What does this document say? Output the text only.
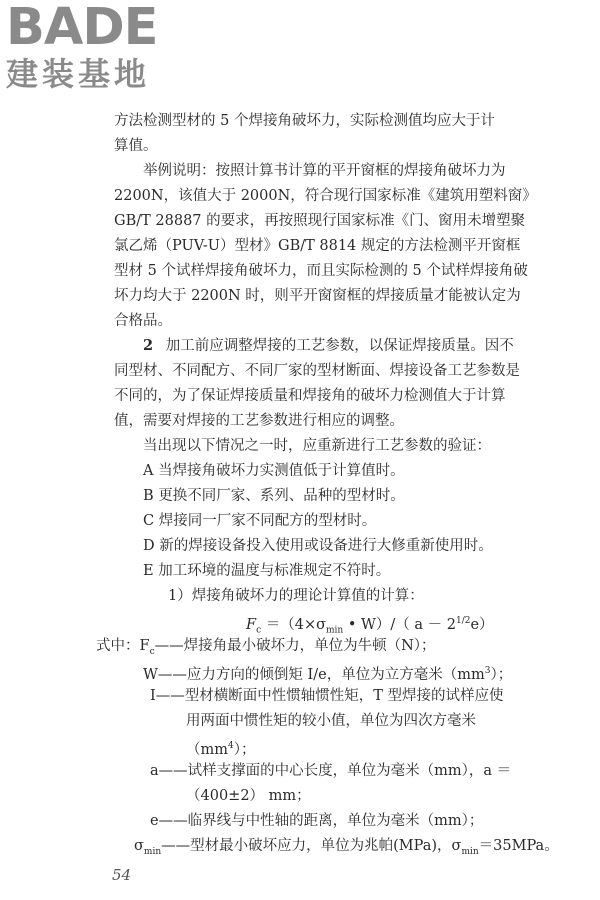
BADE
建装基地
方法检测型材的 5 个焊接角破坏力，实际检测值均应大于计
算值。
举例说明：按照计算书计算的平开窗框的焊接角破坏力为
2200N，该值大于 2000N，符合现行国家标准《建筑用塑料窗》
GB/T 28887 的要求，再按照现行国家标准《门、窗用未增塑聚
氯乙烯（PUV-U）型材》GB/T 8814 规定的方法检测平开窗框
型材 5 个试样焊接角破坏力，而且实际检测的 5 个试样焊接角破
坏力均大于 2200N 时，则平开窗窗框的焊接质量才能被认定为
合格品。
2 加工前应调整焊接的工艺参数，以保证焊接质量。因不
同型材、不同配方、不同厂家的型材断面、焊接设备工艺参数是
不同的，为了保证焊接质量和焊接角的破坏力检测值大于计算
值，需要对焊接的工艺参数进行相应的调整。
当出现以下情况之一时，应重新进行工艺参数的验证：
A 当焊接角破坏力实测值低于计算值时。
B 更换不同厂家、系列、品种的型材时。
C 焊接同一厂家不同配方的型材时。
D 新的焊接设备投入使用或设备进行大修重新使用时。
E 加工环境的温度与标准规定不符时。
1）焊接角破坏力的理论计算值的计算：
$F_c =(4\times\sigma_{min}$ • W）/（ $a - 2^{1/2}e$）
式中：$F_c——$焊接角最小破坏力，单位为牛顿（N）；
W——应力方向的倾倒矩 I/e，单位为立方毫米$(mm^3)$；
I——型材横断面中性惯轴惯性矩，T 型焊接的试样应使
用两面中惯性矩的较小值，单位为四次方毫米
$(mm^4)$；
a——试样支撑面的中心长度，单位为毫米（mm），a ＝
（400±2） mm；
e——临界线与中性轴的距离，单位为毫米（mm）；
$\sigma_{min}——$型材最小破坏应力，单位为兆帕(MPa)，$\sigma_{min}=35MPa$。
54
